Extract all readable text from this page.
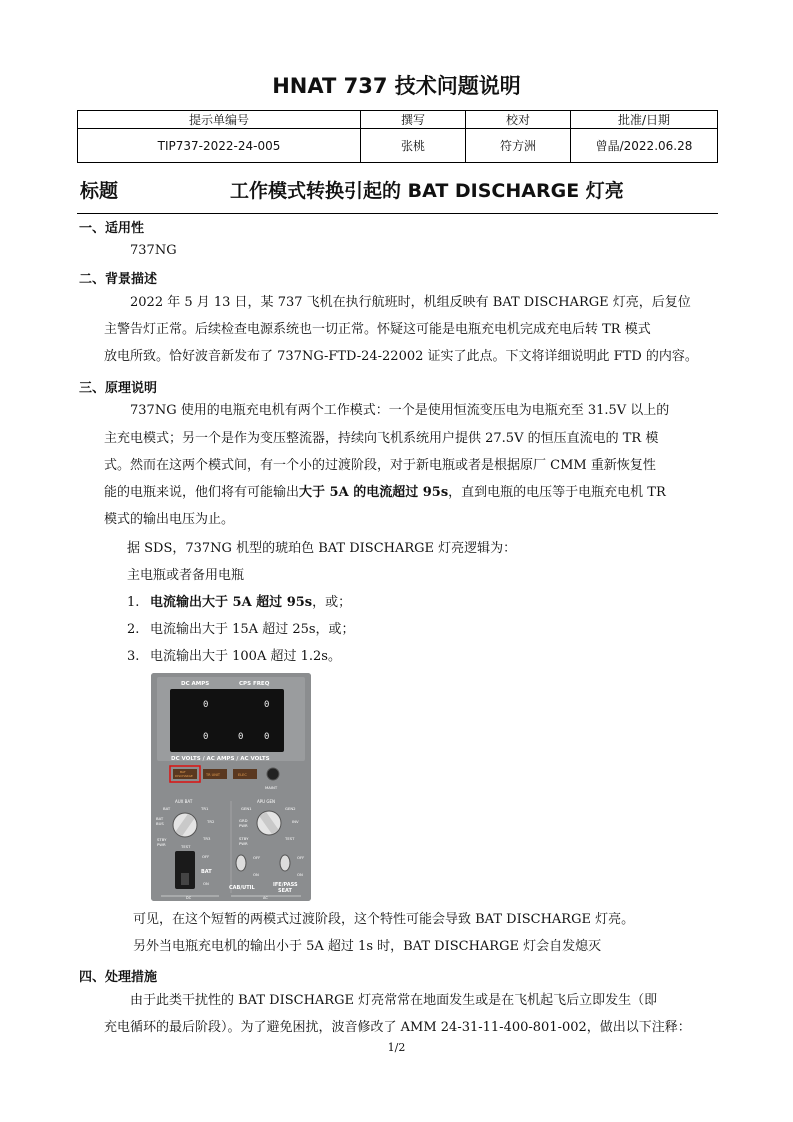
HNAT 737 技术问题说明
提示单编号	撰写	校对	批准/日期
TIP737-2022-24-005	张桃	符方洲	曾晶/2022.06.28
标题	工作模式转换引起的 BAT DISCHARGE 灯亮
一、适用性
737NG
二、背景描述
2022 年 5 月 13 日，某 737 飞机在执行航班时，机组反映有 BAT DISCHARGE 灯亮，后复位
主警告灯正常。后续检查电源系统也一切正常。怀疑这可能是电瓶充电机完成充电后转 TR 模式
放电所致。恰好波音新发布了 737NG-FTD-24-22002 证实了此点。下文将详细说明此 FTD 的内容。
三、原理说明
737NG 使用的电瓶充电机有两个工作模式：一个是使用恒流变压电为电瓶充至 31.5V 以上的
主充电模式；另一个是作为变压整流器，持续向飞机系统用户提供 27.5V 的恒压直流电的 TR 模
式。然而在这两个模式间，有一个小的过渡阶段，对于新电瓶或者是根据原厂 CMM 重新恢复性
能的电瓶来说，他们将有可能输出大于 5A 的电流超过 95s，直到电瓶的电压等于电瓶充电机 TR
模式的输出电压为止。
据 SDS，737NG 机型的琥珀色 BAT DISCHARGE 灯亮逻辑为：
主电瓶或者备用电瓶
1. 电流输出大于 5A 超过 95s，或；
2. 电流输出大于 15A 超过 25s，或；
3. 电流输出大于 100A 超过 1.2s。
DC AMPS	CPS FREQ
0	0
0	0 0
DC VOLTS / AC AMPS / AC VOLTS
BAT
DISCHARGE	TR UNIT	ELEC
MAINT
AUX BAT
BAT	TR1
BAT
BUS	TR2
STBY
PWR
TR3
TEST
APU GEN
GEN1	GEN2
GRD
PWR
INV
STBY
PWR
TEST
OFF
BAT
ON
OFF
ON
CAB/UTIL
OFF
ON
IFE/PASS
SEAT
DC	AC
可见，在这个短暂的两模式过渡阶段，这个特性可能会导致 BAT DISCHARGE 灯亮。
另外当电瓶充电机的输出小于 5A 超过 1s 时，BAT DISCHARGE 灯会自发熄灭
四、处理措施
由于此类干扰性的 BAT DISCHARGE 灯亮常常在地面发生或是在飞机起飞后立即发生（即
充电循环的最后阶段）。为了避免困扰，波音修改了 AMM 24-31-11-400-801-002，做出以下注释：
1/2
